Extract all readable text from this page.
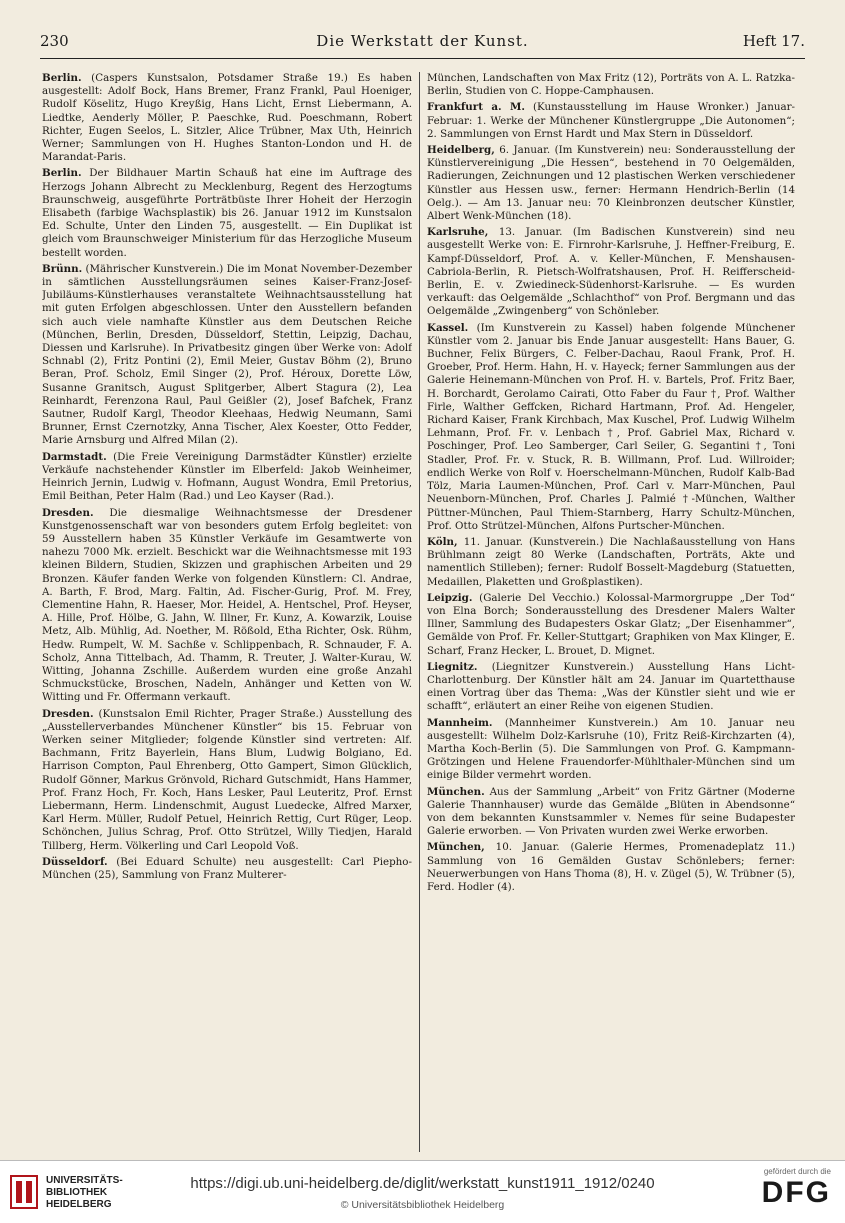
230	Die Werkstatt der Kunst.	Heft 17.
Berlin. (Caspers Kunstsalon, Potsdamer Straße 19.) Es haben ausgestellt: Adolf Bock, Hans Bremer, Franz Frankl, Paul Hoeniger, Rudolf Köselitz, Hugo Kreyßig, Hans Licht, Ernst Liebermann, A. Liedtke, Aenderly Möller, P. Paeschke, Rud. Poeschmann, Robert Richter, Eugen Seelos, L. Sitzler, Alice Trübner, Max Uth, Heinrich Werner; Sammlungen von H. Hughes Stanton-London und H. de Marandat-Paris.
Berlin. Der Bildhauer Martin Schauß hat eine im Auftrage des Herzogs Johann Albrecht zu Mecklenburg, Regent des Herzogtums Braunschweig, ausgeführte Porträtbüste Ihrer Hoheit der Herzogin Elisabeth (farbige Wachsplastik) bis 26. Januar 1912 im Kunstsalon Ed. Schulte, Unter den Linden 75, ausgestellt. — Ein Duplikat ist gleich vom Braunschweiger Ministerium für das Herzogliche Museum bestellt worden.
Brünn. (Mährischer Kunstverein.) Die im Monat November-Dezember in sämtlichen Ausstellungsräumen seines Kaiser-Franz-Josef-Jubiläums-Künstlerhauses veranstaltete Weihnachtsausstellung hat mit guten Erfolgen abgeschlossen. Unter den Ausstellern befanden sich auch viele namhafte Künstler aus dem Deutschen Reiche (München, Berlin, Dresden, Düsseldorf, Stettin, Leipzig, Dachau, Diessen und Karlsruhe). In Privatbesitz gingen über Werke von: Adolf Schnabl (2), Fritz Pontini (2), Emil Meier, Gustav Böhm (2), Bruno Beran, Prof. Scholz, Emil Singer (2), Prof. Héroux, Dorette Löw, Susanne Granitsch, August Splitgerber, Albert Stagura (2), Lea Reinhardt, Ferenzona Raul, Paul Geißler (2), Josef Bafchek, Franz Sautner, Rudolf Kargl, Theodor Kleehaas, Hedwig Neumann, Sami Brunner, Ernst Czernotzky, Anna Tischer, Alex Koester, Otto Fedder, Marie Arnsburg und Alfred Milan (2).
Darmstadt. (Die Freie Vereinigung Darmstädter Künstler) erzielte Verkäufe nachstehender Künstler im Elberfeld: Jakob Weinheimer, Heinrich Jernin, Ludwig v. Hofmann, August Wondra, Emil Pretorius, Emil Beithan, Peter Halm (Rad.) und Leo Kayser (Rad.).
Dresden. Die diesmalige Weihnachtsmesse der Dresdener Kunstgenossenschaft war von besonders gutem Erfolg begleitet: von 59 Ausstellern haben 35 Künstler Verkäufe im Gesamtwerte von nahezu 7000 Mk. erzielt. Beschickt war die Weihnachtsmesse mit 193 kleinen Bildern, Studien, Skizzen und graphischen Arbeiten und 29 Bronzen. Käufer fanden Werke von folgenden Künstlern: Cl. Andrae, A. Barth, F. Brod, Marg. Faltin, Ad. Fischer-Gurig, Prof. M. Frey, Clementine Hahn, R. Haeser, Mor. Heidel, A. Hentschel, Prof. Heyser, A. Hille, Prof. Hölbe, G. Jahn, W. Illner, Fr. Kunz, A. Kowarzik, Louise Metz, Alb. Mühlig, Ad. Noether, M. Rößold, Etha Richter, Osk. Rühm, Hedw. Rumpelt, W. M. Sachße v. Schlippenbach, R. Schnauder, F. A. Scholz, Anna Tittelbach, Ad. Thamm, R. Treuter, J. Walter-Kurau, W. Witting, Johanna Zschille. Außerdem wurden eine große Anzahl Schmuckstücke, Broschen, Nadeln, Anhänger und Ketten von W. Witting und Fr. Offermann verkauft.
Dresden. (Kunstsalon Emil Richter, Prager Straße.) Ausstellung des „Ausstellerverbandes Münchener Künstler“ bis 15. Februar von Werken seiner Mitglieder; folgende Künstler sind vertreten: Alf. Bachmann, Fritz Bayerlein, Hans Blum, Ludwig Bolgiano, Ed. Harrison Compton, Paul Ehrenberg, Otto Gampert, Simon Glücklich, Rudolf Gönner, Markus Grönvold, Richard Gutschmidt, Hans Hammer, Prof. Franz Hoch, Fr. Koch, Hans Lesker, Paul Leuteritz, Prof. Ernst Liebermann, Herm. Lindenschmit, August Luedecke, Alfred Marxer, Karl Herm. Müller, Rudolf Petuel, Heinrich Rettig, Curt Rüger, Leop. Schönchen, Julius Schrag, Prof. Otto Strützel, Willy Tiedjen, Harald Tillberg, Herm. Völkerling und Carl Leopold Voß.
Düsseldorf. (Bei Eduard Schulte) neu ausgestellt: Carl Piepho-München (25), Sammlung von Franz Multerer-
München, Landschaften von Max Fritz (12), Porträts von A. L. Ratzka-Berlin, Studien von C. Hoppe-Camphausen.
Frankfurt a. M. (Kunstausstellung im Hause Wronker.) Januar-Februar: 1. Werke der Münchener Künstlergruppe „Die Autonomen“; 2. Sammlungen von Ernst Hardt und Max Stern in Düsseldorf.
Heidelberg, 6. Januar. (Im Kunstverein) neu: Sonderausstellung der Künstlervereinigung „Die Hessen“, bestehend in 70 Oelgemälden, Radierungen, Zeichnungen und 12 plastischen Werken verschiedener Künstler aus Hessen usw., ferner: Hermann Hendrich-Berlin (14 Oelg.). — Am 13. Januar neu: 70 Kleinbronzen deutscher Künstler, Albert Wenk-München (18).
Karlsruhe, 13. Januar. (Im Badischen Kunstverein) sind neu ausgestellt Werke von: E. Firnrohr-Karlsruhe, J. Heffner-Freiburg, E. Kampf-Düsseldorf, Prof. A. v. Keller-München, F. Menshausen-Cabriola-Berlin, R. Pietsch-Wolfratshausen, Prof. H. Reifferscheid-Berlin, E. v. Zwiedineck-Südenhorst-Karlsruhe. — Es wurden verkauft: das Oelgemälde „Schlachthof“ von Prof. Bergmann und das Oelgemälde „Zwingenberg“ von Schönleber.
Kassel. (Im Kunstverein zu Kassel) haben folgende Münchener Künstler vom 2. Januar bis Ende Januar ausgestellt: Hans Bauer, G. Buchner, Felix Bürgers, C. Felber-Dachau, Raoul Frank, Prof. H. Groeber, Prof. Herm. Hahn, H. v. Hayeck; ferner Sammlungen aus der Galerie Heinemann-München von Prof. H. v. Bartels, Prof. Fritz Baer, H. Borchardt, Gerolamo Cairati, Otto Faber du Faur †, Prof. Walther Firle, Walther Geffcken, Richard Hartmann, Prof. Ad. Hengeler, Richard Kaiser, Frank Kirchbach, Max Kuschel, Prof. Ludwig Wilhelm Lehmann, Prof. Fr. v. Lenbach †, Prof. Gabriel Max, Richard v. Poschinger, Prof. Leo Samberger, Carl Seiler, G. Segantini †, Toni Stadler, Prof. Fr. v. Stuck, R. B. Willmann, Prof. Lud. Willroider; endlich Werke von Rolf v. Hoerschelmann-München, Rudolf Kalb-Bad Tölz, Maria Laumen-München, Prof. Carl v. Marr-München, Paul Neuenborn-München, Prof. Charles J. Palmié †-München, Walther Püttner-München, Paul Thiem-Starnberg, Harry Schultz-München, Prof. Otto Strützel-München, Alfons Purtscher-München.
Köln, 11. Januar. (Kunstverein.) Die Nachlaßausstellung von Hans Brühlmann zeigt 80 Werke (Landschaften, Porträts, Akte und namentlich Stilleben); ferner: Rudolf Bosselt-Magdeburg (Statuetten, Medaillen, Plaketten und Großplastiken).
Leipzig. (Galerie Del Vecchio.) Kolossal-Marmorgruppe „Der Tod“ von Elna Borch; Sonderausstellung des Dresdener Malers Walter Illner, Sammlung des Budapesters Oskar Glatz; „Der Eisenhammer“, Gemälde von Prof. Fr. Keller-Stuttgart; Graphiken von Max Klinger, E. Scharf, Franz Hecker, L. Brouet, D. Mignet.
Liegnitz. (Liegnitzer Kunstverein.) Ausstellung Hans Licht-Charlottenburg. Der Künstler hält am 24. Januar im Quartetthause einen Vortrag über das Thema: „Was der Künstler sieht und wie er schafft“, erläutert an einer Reihe von eigenen Studien.
Mannheim. (Mannheimer Kunstverein.) Am 10. Januar neu ausgestellt: Wilhelm Dolz-Karlsruhe (10), Fritz Reiß-Kirchzarten (4), Martha Koch-Berlin (5). Die Sammlungen von Prof. G. Kampmann-Grötzingen und Helene Frauendorfer-Mühlthaler-München sind um einige Bilder vermehrt worden.
München. Aus der Sammlung „Arbeit“ von Fritz Gärtner (Moderne Galerie Thannhauser) wurde das Gemälde „Blüten in Abendsonne“ von dem bekannten Kunstsammler v. Nemes für seine Budapester Galerie erworben. — Von Privaten wurden zwei Werke erworben.
München, 10. Januar. (Galerie Hermes, Promenadeplatz 11.) Sammlung von 16 Gemälden Gustav Schönlebers; ferner: Neuerwerbungen von Hans Thoma (8), H. v. Zügel (5), W. Trübner (5), Ferd. Hodler (4).
UNIVERSITÄTS-
BIBLIOTHEK
HEIDELBERG
https://digi.ub.uni-heidelberg.de/diglit/werkstatt_kunst1911_1912/0240
© Universitätsbibliothek Heidelberg
gefördert durch die
DFG
